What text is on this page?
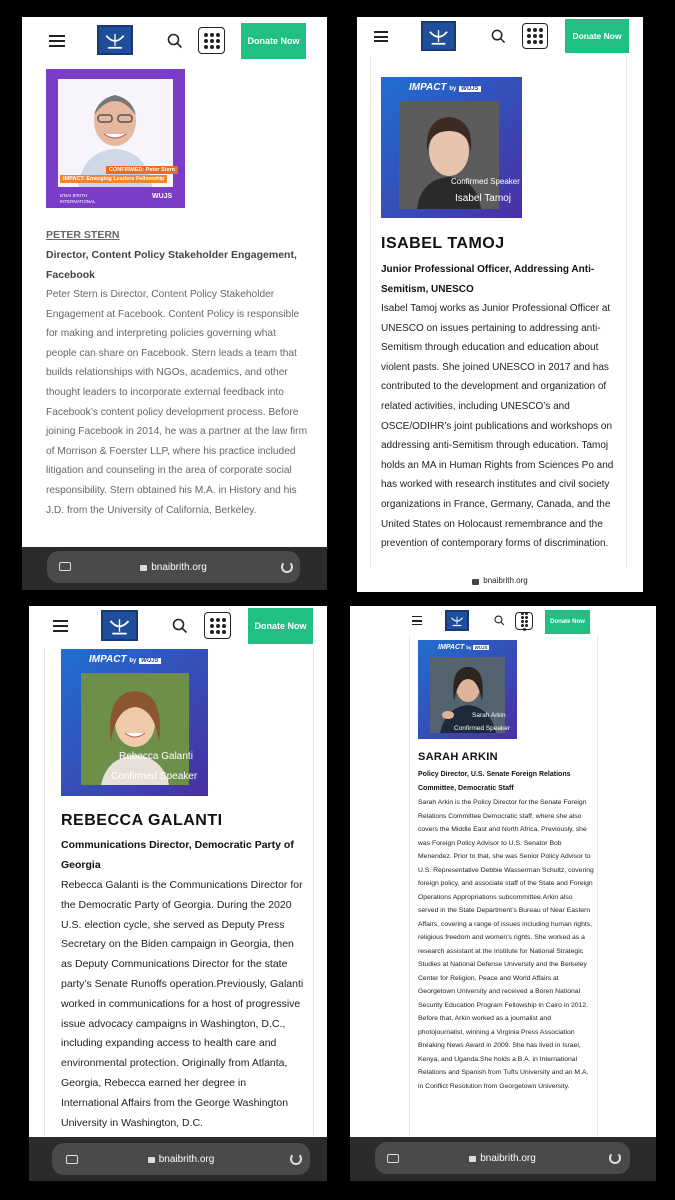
Donate Now
CONFIRMED: Peter Stern
IMPACT: Emerging Leaders Fellowship
B'NAI B'RITH INTERNATIONAL
WUJS
PETER STERN
Director, Content Policy Stakeholder Engagement, Facebook
Peter Stern is Director, Content Policy Stakeholder Engagement at Facebook. Content Policy is responsible for making and interpreting policies governing what people can share on Facebook. Stern leads a team that builds relationships with NGOs, academics, and other thought leaders to incorporate external feedback into Facebook’s content policy development process. Before joining Facebook in 2014, he was a partner at the law firm of Morrison & Foerster LLP, where his practice included litigation and counseling in the area of corporate social responsibility. Stern obtained his M.A. in History and his J.D. from the University of California, Berkeley.
bnaibrith.org
Donate Now
IMPACT by WUJS
Confirmed Speaker
Isabel Tamoj
ISABEL TAMOJ
Junior Professional Officer, Addressing Anti-Semitism, UNESCO
Isabel Tamoj works as Junior Professional Officer at UNESCO on issues pertaining to addressing anti-Semitism through education and education about violent pasts. She joined UNESCO in 2017 and has contributed to the development and organization of related activities, including UNESCO’s and OSCE/ODIHR’s joint publications and workshops on addressing anti-Semitism through education. Tamoj holds an MA in Human Rights from Sciences Po and has worked with research institutes and civil society organizations in France, Germany, Canada, and the United States on Holocaust remembrance and the prevention of contemporary forms of discrimination.
bnaibrith.org
Donate Now
IMPACT by WUJS
Rebecca Galanti
Confirmed Speaker
REBECCA GALANTI
Communications Director, Democratic Party of Georgia
Rebecca Galanti is the Communications Director for the Democratic Party of Georgia. During the 2020 U.S. election cycle, she served as Deputy Press Secretary on the Biden campaign in Georgia, then as Deputy Communications Director for the state party’s Senate Runoffs operation.Previously, Galanti worked in communications for a host of progressive issue advocacy campaigns in Washington, D.C., including expanding access to health care and environmental protection. Originally from Atlanta, Georgia, Rebecca earned her degree in International Affairs from the George Washington University in Washington, D.C.
bnaibrith.org
Donate Now
IMPACT by WUJS
Sarah Arkin
Confirmed Speaker
SARAH ARKIN
Policy Director, U.S. Senate Foreign Relations Committee, Democratic Staff
Sarah Arkin is the Policy Director for the Senate Foreign Relations Committee Democratic staff, where she also covers the Middle East and North Africa. Previously, she was Foreign Policy Advisor to U.S. Senator Bob Menendez. Prior to that, she was Senior Policy Advisor to U.S. Representative Debbie Wasserman Schultz, covering foreign policy, and associate staff of the State and Foreign Operations Appropriations subcommittee.Arkin also served in the State Department’s Bureau of Near Eastern Affairs, covering a range of issues including human rights, religious freedom and women’s rights. She worked as a research assistant at the Institute for National Strategic Studies at National Defense University and the Berkeley Center for Religion, Peace and World Affairs at Georgetown University and received a Boren National Security Education Program Fellowship in Cairo in 2012. Before that, Arkin worked as a journalist and photojournalist, winning a Virginia Press Association Breaking News Award in 2009. She has lived in Israel, Kenya, and Uganda.She holds a B.A. in International Relations and Spanish from Tufts University and an M.A. in Conflict Resolution from Georgetown University.
bnaibrith.org
